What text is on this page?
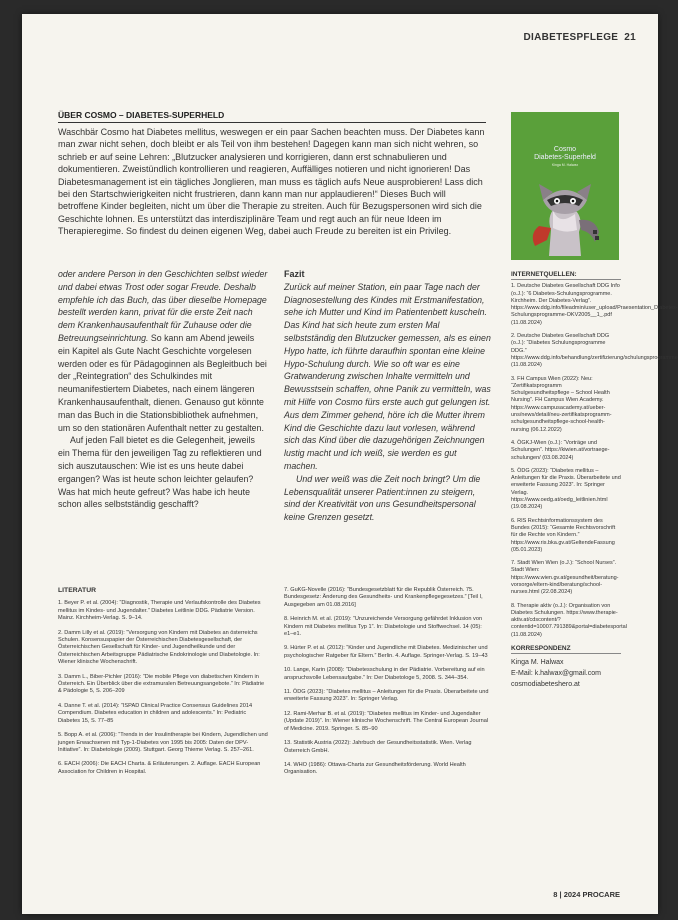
DIABETESPFLEGE 21
ÜBER COSMO – DIABETES-SUPERHELD

Waschbär Cosmo hat Diabetes mellitus, weswegen er ein paar Sachen beachten muss. Der Diabetes kann man zwar nicht sehen, doch bleibt er als Teil von ihm bestehen! Dagegen kann man sich nicht wehren, so schrieb er auf seine Lehren: „Blutzucker analysieren und korrigieren, dann erst schnabulieren und dokumentieren. Zweistündlich kontrollieren und reagieren, Auffälliges notieren und nicht ignorieren! Das Diabetesmanagement ist ein tägliches Jonglieren, man muss es täglich aufs Neue ausprobieren! Lass dich bei den Startschwierigkeiten nicht frustrieren, dann kann man nur applaudieren!“ Dieses Buch will betroffene Kinder begleiten, nicht um über die Therapie zu streiten. Auch für Bezugspersonen wird sich die Geschichte lohnen. Es unterstützt das interdisziplinäre Team und regt auch an für neue Ideen im Therapieregime. So findest du deinen eigenen Weg, dabei auch Freude zu bereiten ist ein Privileg.

Cosmo
Diabetes-Superheld
Kinga M. Halwax

oder andere Person in den Geschichten selbst wieder und dabei etwas Trost oder sogar Freude. Deshalb empfehle ich das Buch, das über dieselbe Homepage bestellt werden kann, privat für die erste Zeit nach dem Krankenhausaufenthalt für Zuhause oder die Betreuungseinrichtung. So kann am Abend jeweils ein Kapitel als Gute Nacht Geschichte vorgelesen werden oder es für Pädagoginnen als Begleitbuch bei der „Reintegration“ des Schulkindes mit neumanifestiertem Diabetes, nach einem längeren Krankenhausaufenthalt, dienen. Genauso gut könnte man das Buch in die Stationsbibliothek aufnehmen, um so den stationären Aufenthalt netter zu gestalten.

Auf jeden Fall bietet es die Gelegenheit, jeweils ein Thema für den jeweiligen Tag zu reflektieren und sich auszutauschen: Wie ist es uns heute dabei ergangen? Was ist heute schon leichter gelaufen? Was hat mich heute gefreut? Was habe ich heute schon alles selbstständig geschafft?

Fazit

Zurück auf meiner Station, ein paar Tage nach der Diagnosestellung des Kindes mit Erstmanifestation, sehe ich Mutter und Kind im Patientenbett kuscheln. Das Kind hat sich heute zum ersten Mal selbstständig den Blutzucker gemessen, als es einen Hypo hatte, ich führte daraufhin spontan eine kleine Hypo-Schulung durch. Wie so oft war es eine Gratwanderung zwischen Inhalte vermitteln und Bewusstsein schaffen, ohne Panik zu vermitteln, was mit Hilfe von Cosmo fürs erste auch gut gelungen ist. Aus dem Zimmer gehend, höre ich die Mutter ihrem Kind die Geschichte dazu laut vorlesen, während sich das Kind über die dazugehörigen Zeichnungen lustig macht und ich weiß, sie werden es gut machen.

Und wer weiß was die Zeit noch bringt? Um die Lebensqualität unserer Patient:innen zu steigern, sind der Kreativität von uns Gesundheitspersonal keine Grenzen gesetzt.

LITERATUR

1. Beyer P. et al. (2004): “Diagnostik, Therapie und Verlaufskontrolle des Diabetes mellitus im Kindes- und Jugendalter.” Diabetes Leitlinie DDG. Pädiatrie Version. Mainz. Kirchheim-Verlag. S. 9–14.

2. Damm Lilly et al. (2019): “Versorgung von Kindern mit Diabetes an österreichs Schulen. Konsensuspapier der Österreichischen Diabetesgesellschaft, der Österreichischen Gesellschaft für Kinder- und Jugendheilkunde und der Österreichischen Arbeitsgruppe Pädiatrische Endokrinologie und Diabetologie. In: Wiener klinische Wochenschrift.

3. Damm L., Biber-Pichler (2016): “Die mobile Pflege von diabetischen Kindern in Österreich. Ein Überblick über die extramuralen Betreuungsangebote.” In: Pädiatrie & Pädologie 5, S. 206–209

4. Danne T. et al. (2014): “ISPAD Clinical Practice Consensus Guidelines 2014 Compendium. Diabetes education in children and adolescents.” In: Pediatric Diabetes 15, S. 77–85

5. Bopp A. et al. (2006): “Trends in der Insulintherapie bei Kindern, Jugendlichen und jungen Erwachsenen mit Typ-1-Diabetes von 1995 bis 2005: Daten der DPV-Initiative”. In: Diabetologie (2009). Stuttgart. Georg Thieme Verlag. S. 257–261.

6. EACH (2006): Die EACH Charta. & Erläuterungen. 2. Auflage. EACH European Association for Children in Hospital.

7. GuKG-Novelle (2016): “Bundesgesetzblatt für die Republik Österreich. 75. Bundesgesetz: Änderung des Gesundheits- und Krankenpflegegesetzes.” [Teil I, Ausgegeben am 01.08.2016]

8. Heinrich M. et al. (2019): “Unzureichende Versorgung gefährdet Inklusion von Kindern mit Diabetes mellitus Typ 1”. In: Diabetologie und Stoffwechsel. 14 (05): e1–e1.

9. Hürter P. et al. (2012): “Kinder und Jugendliche mit Diabetes. Medizinischer und psychologischer Ratgeber für Eltern.” Berlin. 4. Auflage. Springer-Verlag. S. 19–43

10. Lange, Karin (2008): “Diabetesschulung in der Pädiatrie. Vorbereitung auf ein anspruchsvolle Lebensaufgabe.” In: Der Diabetologe 5, 2008. S. 344–354.

11. ÖDG (2023): “Diabetes mellitus – Anleitungen für die Praxis. Überarbeitete und erweiterte Fassung 2023”. In: Springer Verlag.

12. Rami-Merhar B. et al. (2019): “Diabetes mellitus im Kinder- und Jugendalter (Update 2019)”. In: Wiener klinische Wochenschrift. The Central European Journal of Medicine. 2019. Springer. S. 85–90

13. Statistik Austria (2022): Jahrbuch der Gesundheitsstatistik. Wien. Verlag Österreich GmbH.

14. WHO (1986): Ottawa-Charta zur Gesundheitsförderung. World Health Organisation.

INTERNETQUELLEN:

1. Deutsche Diabetes Gesellschaft DDG Info (o.J.): “6 Diabetes-Schulungsprogramme. Kirchheim. Der Diabetes-Verlag”. https://www.ddg.info/fileadmin/user_upload/Praesentation_Diabetes-Schulungsprogramme-OKV2005__1_.pdf (11.08.2024)

2. Deutsche Diabetes Gesellschaft DDG (o.J.): “Diabetes Schulungsprogramme DDG.” https://www.ddg.info/behandlung/zertifizierung/schulungsprogramme (11.08.2024)

3. FH Campus Wien (2022): Neu: “Zertifikatsprogramm Schulgesundheitspflege – School Health Nursing”. FH Campus Wien Academy. https://www.campusacademy.at/ueber-uns/news/detail/neu-zertifikatsprogramm-schulgesundheitspflege-school-health-nursing (06.12.2022)

4. ÖGKJ-Wien (o.J.): “Vorträge und Schulungen”. https://kiwien.at/vortraege-schulungen/ (03.08.2024)

5. ÖDG (2023): “Diabetes mellitus – Anleitungen für die Praxis. Überarbeitete und erweiterte Fassung 2023”. In: Springer Verlag. https://www.oedg.at/oedg_leitlinien.html (19.08.2024)

6. RIS Rechtsinformationssystem des Bundes (2015): “Gesamte Rechtsvorschrift für die Rechte von Kindern.” https://www.ris.bka.gv.at/GeltendeFassung (05.01.2023)

7. Stadt Wien Wien (o.J.): “School Nurses”. Stadt Wien: https://www.wien.gv.at/gesundheit/beratung-vorsorge/eltern-kind/beratung/school-nurses.html (22.08.2024)

8. Therapie aktiv (o.J.): Organisation von Diabetes Schulungen. https://www.therapie-aktiv.at/cdscontent/?contentid=10007.791389&portal=diabetesportal (11.08.2024)

KORRESPONDENZ
Kinga M. Halwax
E-Mail: k.halwax@gmail.com
cosmodiabeteshero.at
8 | 2024 PROCARE
